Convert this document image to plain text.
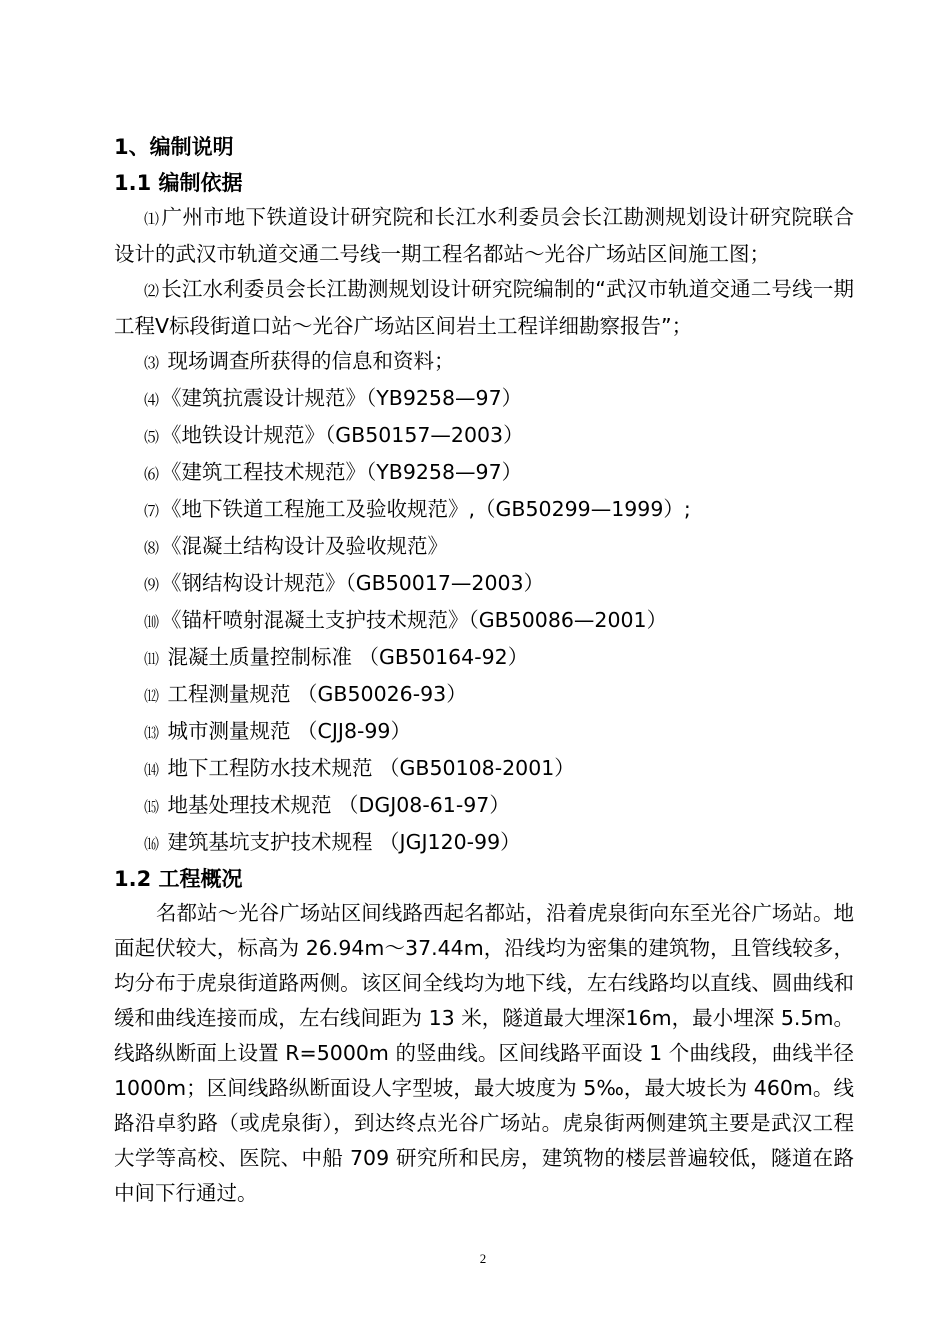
1、编制说明

1.1 编制依据

⑴广州市地下铁道设计研究院和长江水利委员会长江勘测规划设计研究院联合设计的武汉市轨道交通二号线一期工程名都站～光谷广场站区间施工图；

⑵长江水利委员会长江勘测规划设计研究院编制的“武汉市轨道交通二号线一期工程Ⅴ标段街道口站～光谷广场站区间岩土工程详细勘察报告”；

⑶ 现场调查所获得的信息和资料；

⑷《建筑抗震设计规范》（YB9258—97）

⑸《地铁设计规范》（GB50157—2003）

⑹《建筑工程技术规范》（YB9258—97）

⑺《地下铁道工程施工及验收规范》,（GB50299—1999）;

⑻《混凝土结构设计及验收规范》

⑼《钢结构设计规范》（GB50017—2003）

⑽《锚杆喷射混凝土支护技术规范》（GB50086—2001）

⑾ 混凝土质量控制标准 （GB50164-92）

⑿ 工程测量规范 （GB50026-93）

⒀ 城市测量规范 （CJJ8-99）

⒁ 地下工程防水技术规范 （GB50108-2001）

⒂ 地基处理技术规范 （DGJ08-61-97）

⒃ 建筑基坑支护技术规程 （JGJ120-99）

1.2 工程概况

名都站～光谷广场站区间线路西起名都站，沿着虎泉街向东至光谷广场站。地面起伏较大，标高为 26.94m～37.44m，沿线均为密集的建筑物，且管线较多，均分布于虎泉街道路两侧。该区间全线均为地下线，左右线路均以直线、圆曲线和缓和曲线连接而成，左右线间距为 13 米，隧道最大埋深16m，最小埋深 5.5m。线路纵断面上设置 R=5000m 的竖曲线。区间线路平面设 1 个曲线段，曲线半径 1000m；区间线路纵断面设人字型坡，最大坡度为 5‰，最大坡长为 460m。线路沿卓豹路（或虎泉街），到达终点光谷广场站。虎泉街两侧建筑主要是武汉工程大学等高校、医院、中船 709 研究所和民房，建筑物的楼层普遍较低，隧道在路中间下行通过。

2
